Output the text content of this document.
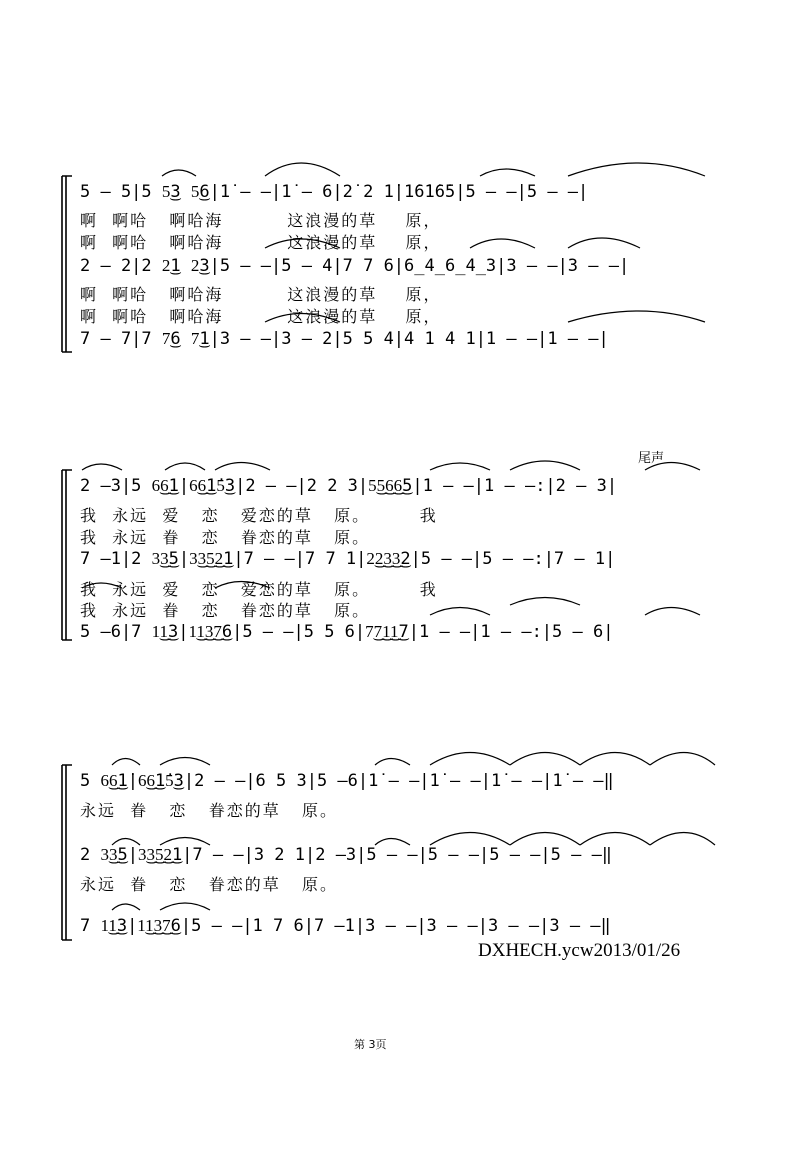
5 – 5|5 5͜3 5͜6|1̇ – –|1̇ – 6|2̇ 2 1̇|1̇6̇1̇6̇5|5 – –|5 – –|
啊  啊哈   啊哈海         这浪漫的草    原，
啊  啊哈   啊哈海         这浪漫的草    原，
2 – 2|2 2͜1 2͜3|5 – –|5 – 4|7 7 6|6̲4̲6̲4̲3|3 – –|3 – –|
啊  啊哈   啊哈海         这浪漫的草    原，
啊  啊哈   啊哈海         这浪漫的草    原，
7 – 7|7 7͜6 7͜1|3 – –|3 – 2|5 5 4|4 1 4 1|1 – –|1 – –|
尾声
2 –3|5 6͜6͜1̇|6͜6͜1̇5͜3|2 – –|2 2 3|5͜5͜6͜6͜5|1 – –|1 – –:|2 – 3|
我  永远  爱   恋   爱恋的草   原。       我
我  永远  眷   恋   眷恋的草   原。
7 –1|2 3͜3͜5|3͜3͜5͜2͜1|7 – –|7 7 1|2͜2͜3͜3͜2|5 – –|5 – –:|7 – 1|
我  永远  爱   恋   爱恋的草   原。       我
我  永远  眷   恋   眷恋的草   原。
5 –6|7 1͜1͜3|1͜1͜3͜7͜6|5 – –|5 5 6|7͜7͜1͜1͜7|1 – –|1 – –:|5 – 6|
5 6͜6͜1̇|6͜6͜1̇5͜3|2 – –|6 5 3|5 –6|1̇ – –|1̇ – –|1̇ – –|1̇ – –‖
永远  眷   恋   眷恋的草   原。
2 3͜3͜5|3͜3͜5͜2͜1|7 – –|3 2 1|2 –3|5 – –|5 – –|5 – –|5 – –‖
永远  眷   恋   眷恋的草   原。
7 1͜1͜3|1͜1͜3͜7͜6|5 – –|1 7 6|7 –1|3 – –|3 – –|3 – –|3 – –‖
DXHECH.ycw2013/01/26
第 3页
